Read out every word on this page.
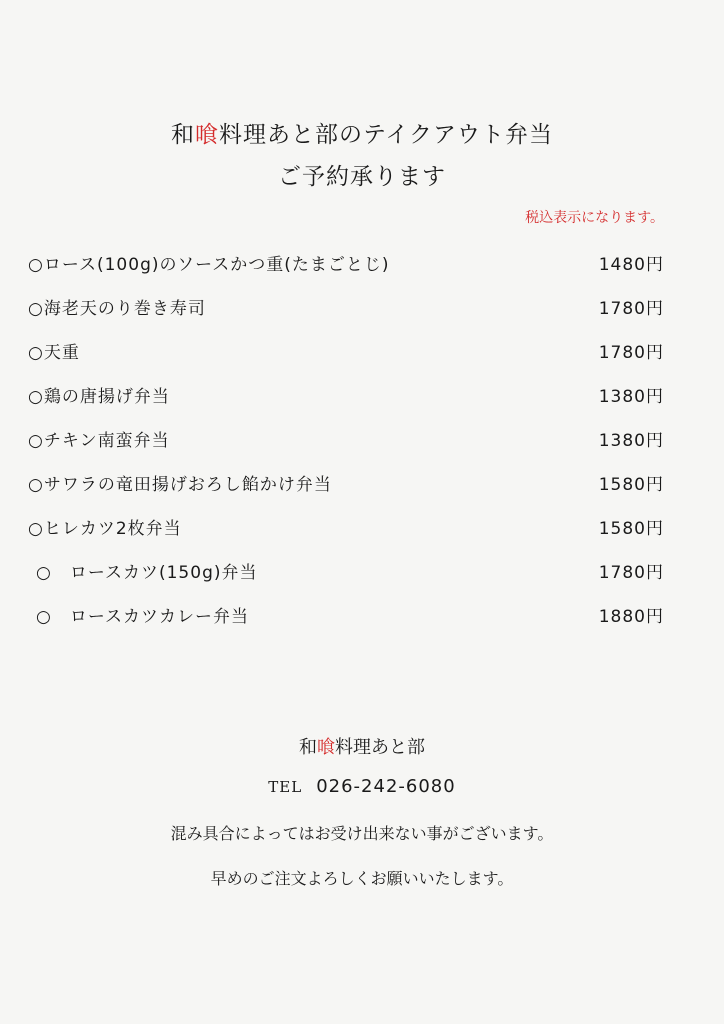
和喰料理あと部のテイクアウト弁当
ご予約承ります
税込表示になります。
○ロース(100g)のソースかつ重(たまごとじ)	1480円
○海老天のり巻き寿司	1780円
○天重	1780円
○鶏の唐揚げ弁当	1380円
○チキン南蛮弁当	1380円
○サワラの竜田揚げおろし餡かけ弁当	1580円
○ヒレカツ2枚弁当	1580円
○　ロースカツ(150g)弁当	1780円
○　ロースカツカレー弁当	1880円
和喰料理あと部
TEL 026-242-6080
混み具合によってはお受け出来ない事がございます。
早めのご注文よろしくお願いいたします。
